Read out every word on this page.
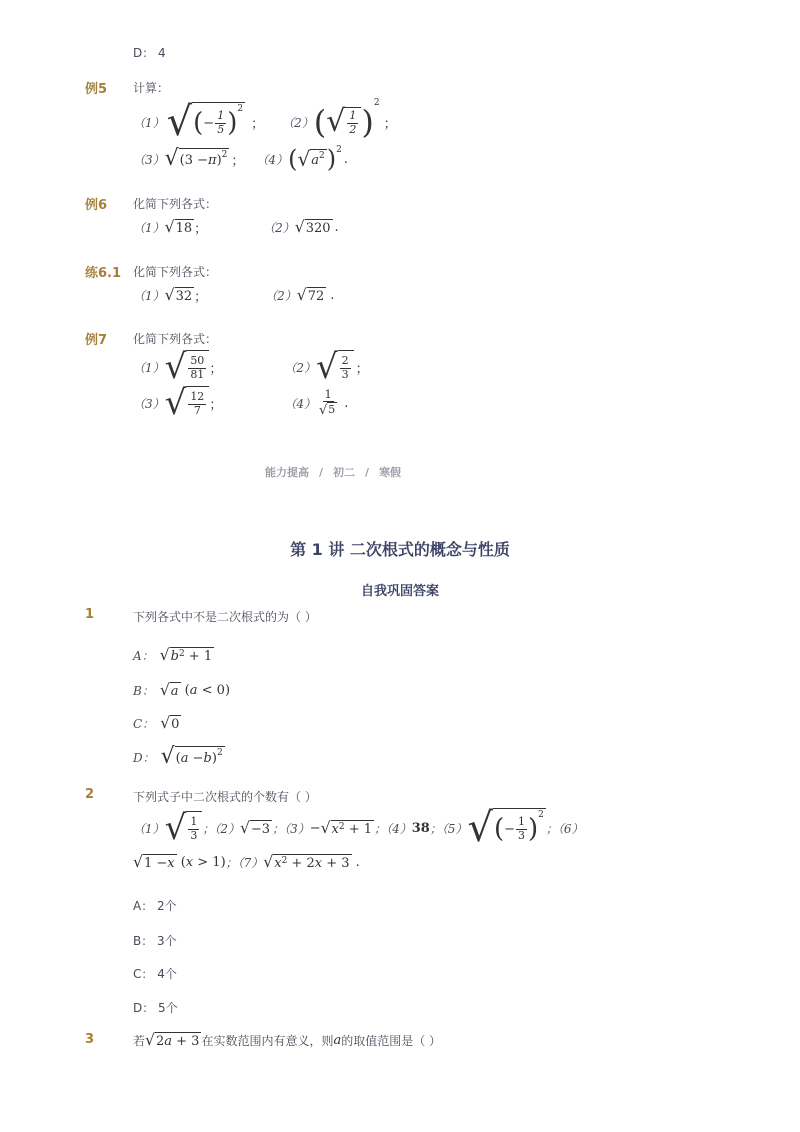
D： 4
例5 计算：
（1） √ ( − $\frac{1}{5} )^2$
； （2） ( √ $\frac{1}{2} )^2$
；
（3） √ (3 − π )$^2$ ； （4） ( √ a 2 )$^2$
.
例6 化简下列各式：
（1） √ 18 ；	（2） √ 320 .
练6.1 化简下列各式：
（1） √ 32 ；	（2） √ 72 .
例7 化简下列各式：
（1） √ $\frac{50}{81}$ ；	（2） √ $\frac{2}{3}$ ；
（3） √ $\frac{12}{7}$ ；	$(4) \frac{1}{√ 5}$ .
能力提高 / 初二 / 寒假
第 1 讲 二次根式的概念与性质
自我巩固答案
1	下列各式中不是二次根式的为（ ）
A： √ b 2 + 1
B： √ a ( a < 0)
C： √ 0
D： √ ( a − b )$^2$
2	下列式子中二次根式的个数有（ ）
（1） √ $\frac{1}{3}$ ；（2） √ −3 ；（3） − √ x 2 + 1 ；（4） 38 ；（5） √ ( − $\frac{1}{3} )^2$
；（6）
√ 1 − x ( x > 1) ；（7） √ x 2 + 2 x + 3 .
A： 2个
B： 3个
C： 4个
D： 5个
3	若 √ 2 a + 3 在实数范围内有意义，则 a 的取值范围是（ ）
